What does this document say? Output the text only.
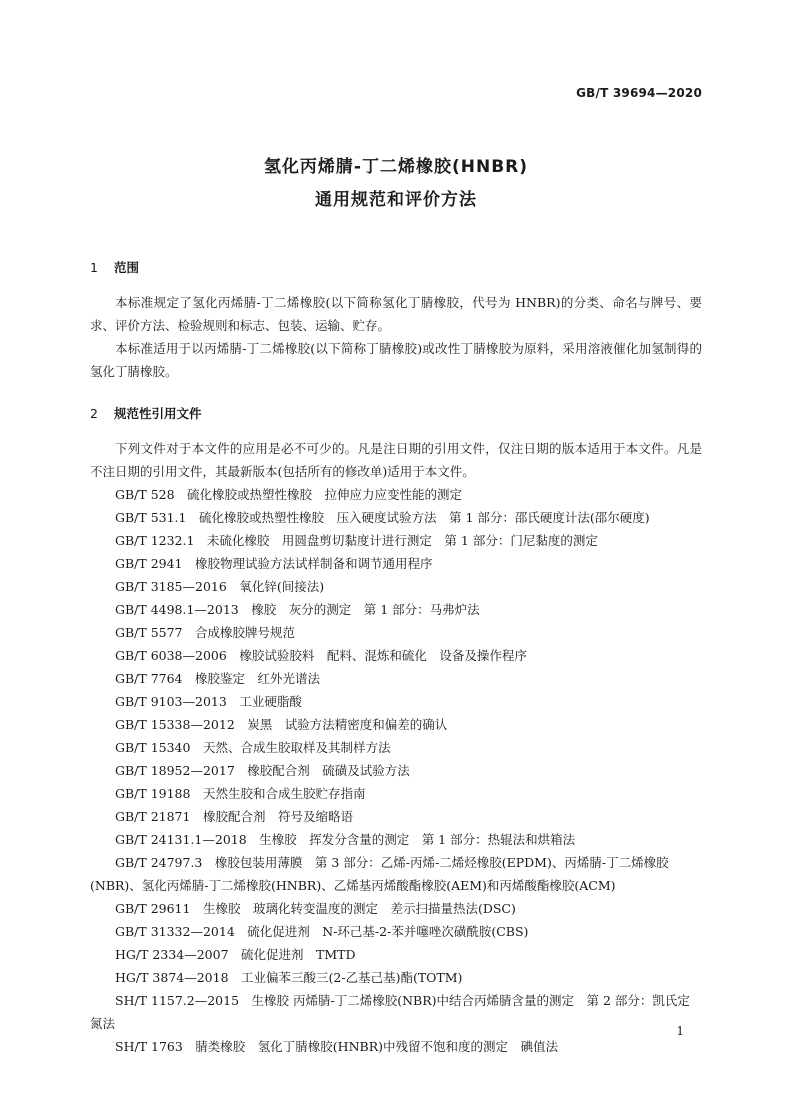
GB/T 39694—2020
氢化丙烯腈-丁二烯橡胶(HNBR)
通用规范和评价方法
1 范围

本标准规定了氢化丙烯腈-丁二烯橡胶(以下简称氢化丁腈橡胶，代号为 HNBR)的分类、命名与牌号、要求、评价方法、检验规则和标志、包装、运输、贮存。

本标准适用于以丙烯腈-丁二烯橡胶(以下简称丁腈橡胶)或改性丁腈橡胶为原料，采用溶液催化加氢制得的氢化丁腈橡胶。

2 规范性引用文件

下列文件对于本文件的应用是必不可少的。凡是注日期的引用文件，仅注日期的版本适用于本文件。凡是不注日期的引用文件，其最新版本(包括所有的修改单)适用于本文件。

GB/T 528　硫化橡胶或热塑性橡胶　拉伸应力应变性能的测定

GB/T 531.1　硫化橡胶或热塑性橡胶　压入硬度试验方法　第 1 部分：邵氏硬度计法(邵尔硬度)

GB/T 1232.1　未硫化橡胶　用圆盘剪切黏度计进行测定　第 1 部分：门尼黏度的测定

GB/T 2941　橡胶物理试验方法试样制备和调节通用程序

GB/T 3185—2016　氧化锌(间接法)

GB/T 4498.1—2013　橡胶　灰分的测定　第 1 部分：马弗炉法

GB/T 5577　合成橡胶牌号规范

GB/T 6038—2006　橡胶试验胶料　配料、混炼和硫化　设备及操作程序

GB/T 7764　橡胶鉴定　红外光谱法

GB/T 9103—2013　工业硬脂酸

GB/T 15338—2012　炭黑　试验方法精密度和偏差的确认

GB/T 15340　天然、合成生胶取样及其制样方法

GB/T 18952—2017　橡胶配合剂　硫磺及试验方法

GB/T 19188　天然生胶和合成生胶贮存指南

GB/T 21871　橡胶配合剂　符号及缩略语

GB/T 24131.1—2018　生橡胶　挥发分含量的测定　第 1 部分：热辊法和烘箱法

GB/T 24797.3　橡胶包装用薄膜　第 3 部分：乙烯-丙烯-二烯烃橡胶(EPDM)、丙烯腈-丁二烯橡胶(NBR)、氢化丙烯腈-丁二烯橡胶(HNBR)、乙烯基丙烯酸酯橡胶(AEM)和丙烯酸酯橡胶(ACM)

GB/T 29611　生橡胶　玻璃化转变温度的测定　差示扫描量热法(DSC)

GB/T 31332—2014　硫化促进剂　N-环己基-2-苯并噻唑次磺酰胺(CBS)

HG/T 2334—2007　硫化促进剂　TMTD

HG/T 3874—2018　工业偏苯三酸三(2-乙基己基)酯(TOTM)

SH/T 1157.2—2015　生橡胶 丙烯腈-丁二烯橡胶(NBR)中结合丙烯腈含量的测定　第 2 部分：凯氏定氮法

SH/T 1763　腈类橡胶　氢化丁腈橡胶(HNBR)中残留不饱和度的测定　碘值法

1
